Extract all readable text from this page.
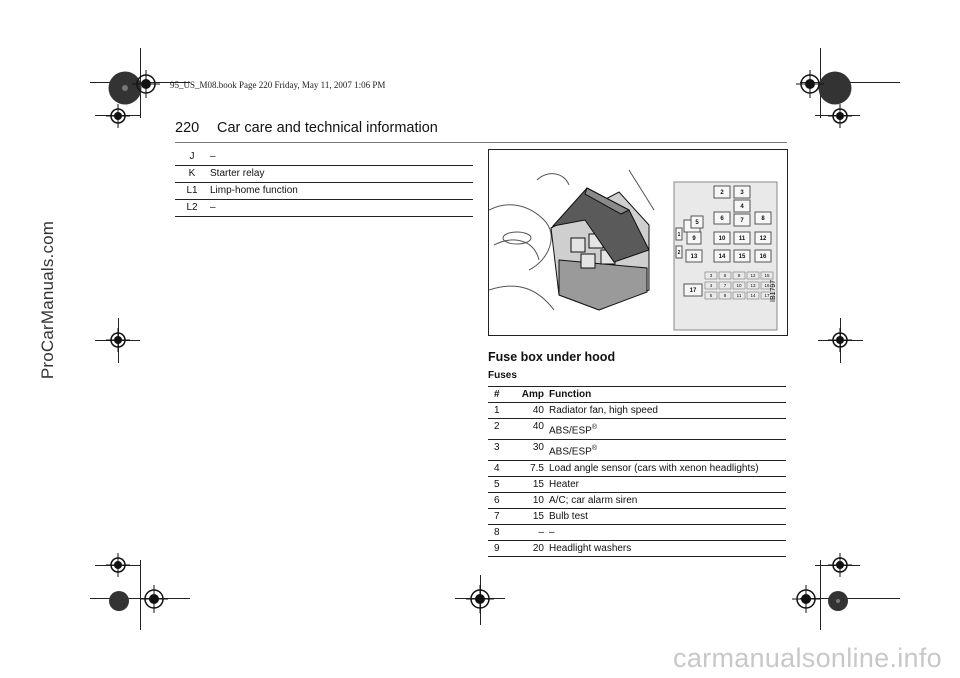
95_US_M08.book Page 220 Friday, May 11, 2007 1:06 PM
ProCarManuals.com
carmanualsonline.info
220 Car care and technical information
J	–
K	Starter relay
L1	Limp-home function
L2	–
2	3
4
5
6	7	8
9	10 11 12
13	14 15 16
17
1
2
3	6	9 12 15
4	7 10 13 16
5	8 11 14 17 IB1797
Fuse box under hood
Fuses
#	Amp Function
1	40 Radiator fan, high speed
2	40 ABS/ESP®
3	30 ABS/ESP®
4	7.5 Load angle sensor (cars with xenon headlights)
5	15 Heater
6	10 A/C; car alarm siren
7	15 Bulb test
8	– –
9	20 Headlight washers
